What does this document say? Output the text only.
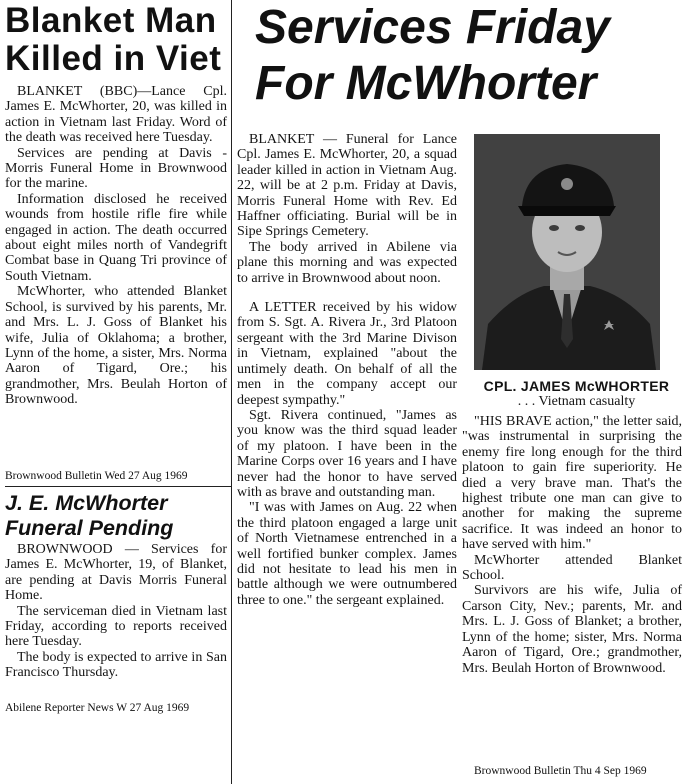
Blanket Man
Killed in Viet

BLANKET (BBC)—Lance Cpl. James E. McWhorter, 20, was killed in action in Vietnam last Friday. Word of the death was received here Tuesday.

Services are pending at Davis - Morris Funeral Home in Brownwood for the marine.

Information disclosed he received wounds from hostile rifle fire while engaged in action. The death occurred about eight miles north of Vandegrift Combat base in Quang Tri province of South Vietnam.

McWhorter, who attended Blanket School, is survived by his parents, Mr. and Mrs. L. J. Goss of Blanket his wife, Julia of Oklahoma; a brother, Lynn of the home, a sister, Mrs. Norma Aaron of Tigard, Ore.; his grandmother, Mrs. Beulah Horton of Brownwood.

Brownwood Bulletin Wed 27 Aug 1969
J. E. McWhorter
Funeral Pending

BROWNWOOD — Services for James E. McWhorter, 19, of Blanket, are pending at Davis Morris Funeral Home.

The serviceman died in Vietnam last Friday, according to reports received here Tuesday.

The body is expected to arrive in San Francisco Thursday.

Abilene Reporter News W 27 Aug 1969
Services Friday
For McWhorter

BLANKET — Funeral for Lance Cpl. James E. McWhorter, 20, a squad leader killed in action in Vietnam Aug. 22, will be at 2 p.m. Friday at Davis, Morris Funeral Home with Rev. Ed Haffner officiating. Burial will be in Sipe Springs Cemetery.

The body arrived in Abilene via plane this morning and was expected to arrive in Brownwood about noon.

A LETTER received by his widow from S. Sgt. A. Rivera Jr., 3rd Platoon sergeant with the 3rd Marine Divison in Vietnam, explained "about the untimely death. On behalf of all the men in the company accept our deepest sympathy."

Sgt. Rivera continued, "James as you know was the third squad leader of my platoon. I have been in the Marine Corps over 16 years and I have never had the honor to have served with as brave and outstanding man.

"I was with James on Aug. 22 when the third platoon engaged a large unit of North Vietnamese entrenched in a well fortified bunker complex. James did not hesitate to lead his men in battle although we were outnumbered three to one." the sergeant explained.

CPL. JAMES McWHORTER
. . . Vietnam casualty

"HIS BRAVE action," the letter said, "was instrumental in surprising the enemy fire long enough for the third platoon to gain fire superiority. He died a very brave man. That's the highest tribute one man can give to another for making the supreme sacrifice. It was indeed an honor to have served with him."

McWhorter attended Blanket School.

Survivors are his wife, Julia of Carson City, Nev.; parents, Mr. and Mrs. L. J. Goss of Blanket; a brother, Lynn of the home; sister, Mrs. Norma Aaron of Tigard, Ore.; grandmother, Mrs. Beulah Horton of Brownwood.

Brownwood Bulletin Thu 4 Sep 1969
